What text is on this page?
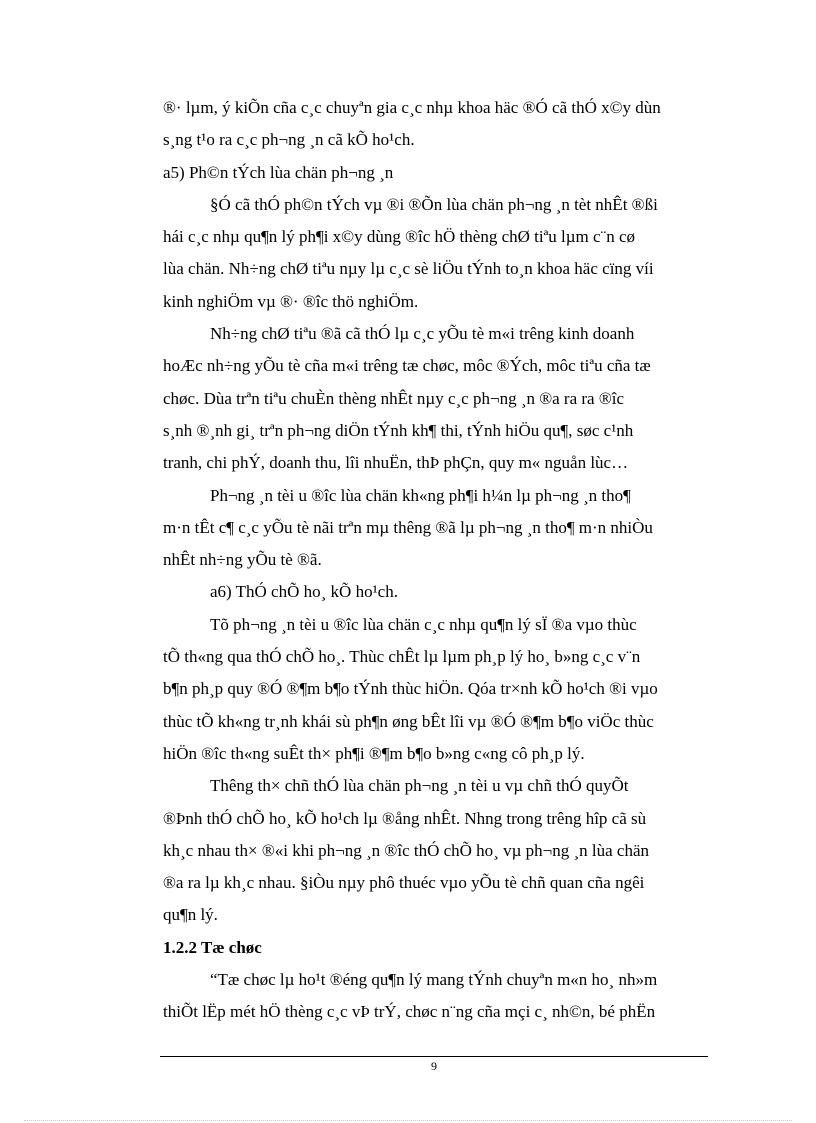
®· lµm, ý kiÕn cña c¸c chuyªn gia c¸c nhµ khoa häc ®Ó cã thÓ x©y dùn
s¸ng t¹o ra c¸c ph¬ng ¸n cã kÕ ho¹ch.

a5) Ph©n tÝch lùa chän ph¬ng ¸n

§Ó cã thÓ ph©n tÝch vµ ®i ®Õn lùa chän ph¬ng ¸n tèt nhÊt ®ßi

hái c¸c nhµ qu¶n lý ph¶i x©y dùng ®îc hÖ thèng chØ tiªu lµm c¨n cø
lùa chän. Nh÷ng chØ tiªu nµy lµ c¸c sè liÖu tÝnh to¸n khoa häc cïng víi
kinh nghiÖm vµ ®· ®îc thö nghiÖm.

Nh÷ng chØ tiªu ®ã cã thÓ lµ c¸c yÕu tè m«i trêng kinh doanh

hoÆc nh÷ng yÕu tè cña m«i trêng tæ chøc, môc ®Ých, môc tiªu cña tæ
chøc. Dùa trªn tiªu chuÈn thèng nhÊt nµy c¸c ph¬ng ¸n ®a ra ra ®îc
s¸nh ®¸nh gi¸ trªn ph¬ng diÖn tÝnh kh¶ thi, tÝnh hiÖu qu¶, søc c¹nh
tranh, chi phÝ, doanh thu, lîi nhuËn, thÞ phÇn, quy m« nguån lùc…

Ph¬ng ¸n tèi u ®îc lùa chän kh«ng ph¶i h¼n lµ ph¬ng ¸n tho¶

m·n tÊt c¶ c¸c yÕu tè nãi trªn mµ thêng ®ã lµ ph¬ng ¸n tho¶ m·n nhiÒu
nhÊt nh÷ng yÕu tè ®ã.

a6) ThÓ chÕ ho¸ kÕ ho¹ch.

Tõ ph¬ng ¸n tèi u ®îc lùa chän c¸c nhµ qu¶n lý sÏ ®a vµo thùc

tÕ th«ng qua thÓ chÕ ho¸. Thùc chÊt lµ lµm ph¸p lý ho¸ b»ng c¸c v¨n
b¶n ph¸p quy ®Ó ®¶m b¶o tÝnh thùc hiÖn. Qóa tr×nh kÕ ho¹ch ®i vµo
thùc tÕ kh«ng tr¸nh khái sù ph¶n øng bÊt lîi vµ ®Ó ®¶m b¶o viÖc thùc
hiÖn ®îc th«ng suÊt th× ph¶i ®¶m b¶o b»ng c«ng cô ph¸p lý.

Thêng th× chñ thÓ lùa chän ph¬ng ¸n tèi u vµ chñ thÓ quyÕt

®Þnh thÓ chÕ ho¸ kÕ ho¹ch lµ ®ång nhÊt. Nhng trong trêng hîp cã sù
kh¸c nhau th× ®«i khi ph¬ng ¸n ®îc thÓ chÕ ho¸ vµ ph¬ng ¸n lùa chän
®a ra lµ kh¸c nhau. §iÒu nµy phô thuéc vµo yÕu tè chñ quan cña ngêi
qu¶n lý.

1.2.2 Tæ chøc

“Tæ chøc lµ ho¹t ®éng qu¶n lý mang tÝnh chuyªn m«n ho¸ nh»m

thiÕt lËp mét hÖ thèng c¸c vÞ trÝ, chøc n¨ng cña mçi c¸ nh©n, bé phËn

9
